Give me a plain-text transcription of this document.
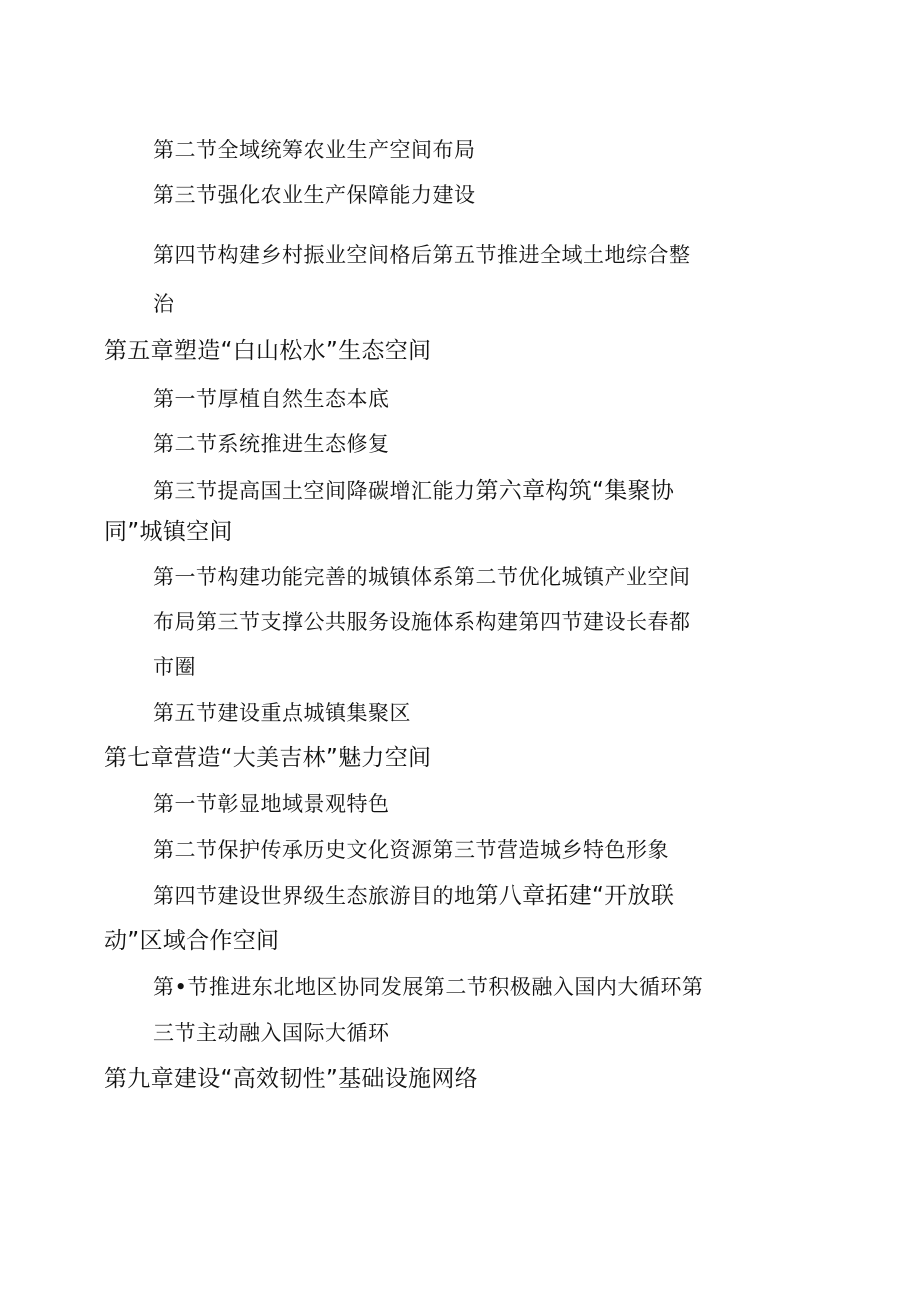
第二节全域统筹农业生产空间布局
第三节强化农业生产保障能力建设
第四节构建乡村振业空间格后第五节推进全域土地综合整
治
第五章塑造“白山松水”生态空间
第一节厚植自然生态本底
第二节系统推进生态修复
第三节提高国土空间降碳增汇能力第六章构筑“集聚协
同”城镇空间
第一节构建功能完善的城镇体系第二节优化城镇产业空间
布局第三节支撑公共服务设施体系构建第四节建设长春都
市圈
第五节建设重点城镇集聚区
第七章营造“大美吉林”魅力空间
第一节彰显地域景观特色
第二节保护传承历史文化资源第三节营造城乡特色形象
第四节建设世界级生态旅游目的地第八章拓建“开放联
动”区域合作空间
第•节推进东北地区协同发展第二节积极融入国内大循环第
三节主动融入国际大循环
第九章建设“高效韧性”基础设施网络
